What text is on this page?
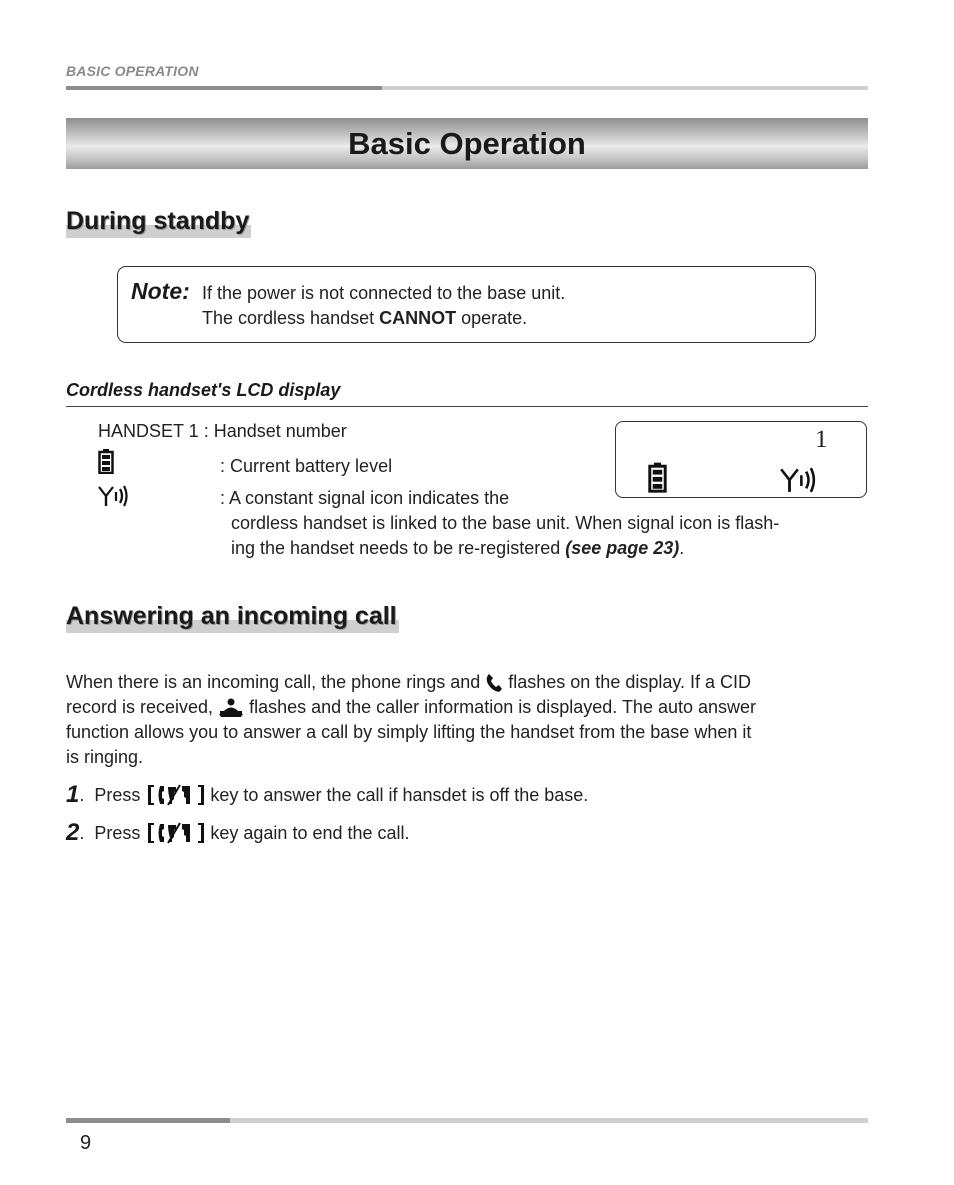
BASIC OPERATION
Basic Operation
During standby
Note: If the power is not connected to the base unit.
The cordless handset CANNOT operate.
Cordless handset's LCD display
HANDSET 1 : Handset number
: Current battery level
: A constant signal icon indicates the
cordless handset is linked to the base unit. When signal icon is flash-
ing the handset needs to be re-registered (see page 23).
1
Answering an incoming call
When there is an incoming call, the phone rings and  flashes on the display. If a CID
record is received,  flashes and the caller information is displayed. The auto answer
function allows you to answer a call by simply lifting the handset from the base when it
is ringing.
1 . Press	key to answer the call if hansdet is off the base.
2 . Press	key again to end the call.
9
